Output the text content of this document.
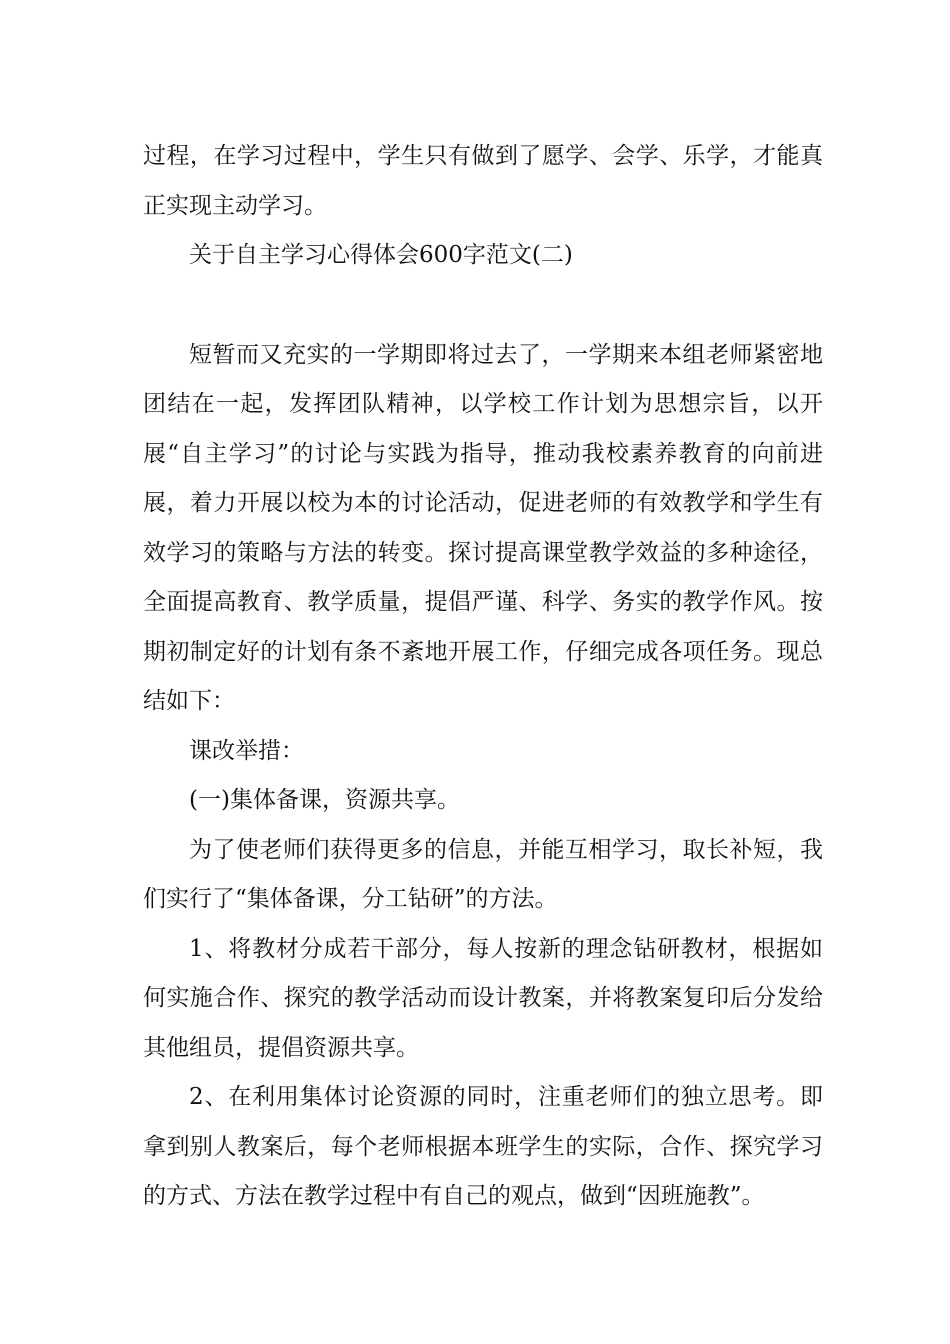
过程，在学习过程中，学生只有做到了愿学、会学、乐学，才能真正实现主动学习。

关于自主学习心得体会600字范文(二)

短暂而又充实的一学期即将过去了，一学期来本组老师紧密地团结在一起，发挥团队精神，以学校工作计划为思想宗旨，以开展“自主学习”的讨论与实践为指导，推动我校素养教育的向前进展，着力开展以校为本的讨论活动，促进老师的有效教学和学生有效学习的策略与方法的转变。探讨提高课堂教学效益的多种途径，全面提高教育、教学质量，提倡严谨、科学、务实的教学作风。按期初制定好的计划有条不紊地开展工作，仔细完成各项任务。现总结如下：

课改举措：

(一)集体备课，资源共享。

为了使老师们获得更多的信息，并能互相学习，取长补短，我们实行了“集体备课，分工钻研”的方法。

1、将教材分成若干部分，每人按新的理念钻研教材，根据如何实施合作、探究的教学活动而设计教案，并将教案复印后分发给其他组员，提倡资源共享。

2、在利用集体讨论资源的同时，注重老师们的独立思考。即拿到别人教案后，每个老师根据本班学生的实际，合作、探究学习的方式、方法在教学过程中有自己的观点，做到“因班施教”。
